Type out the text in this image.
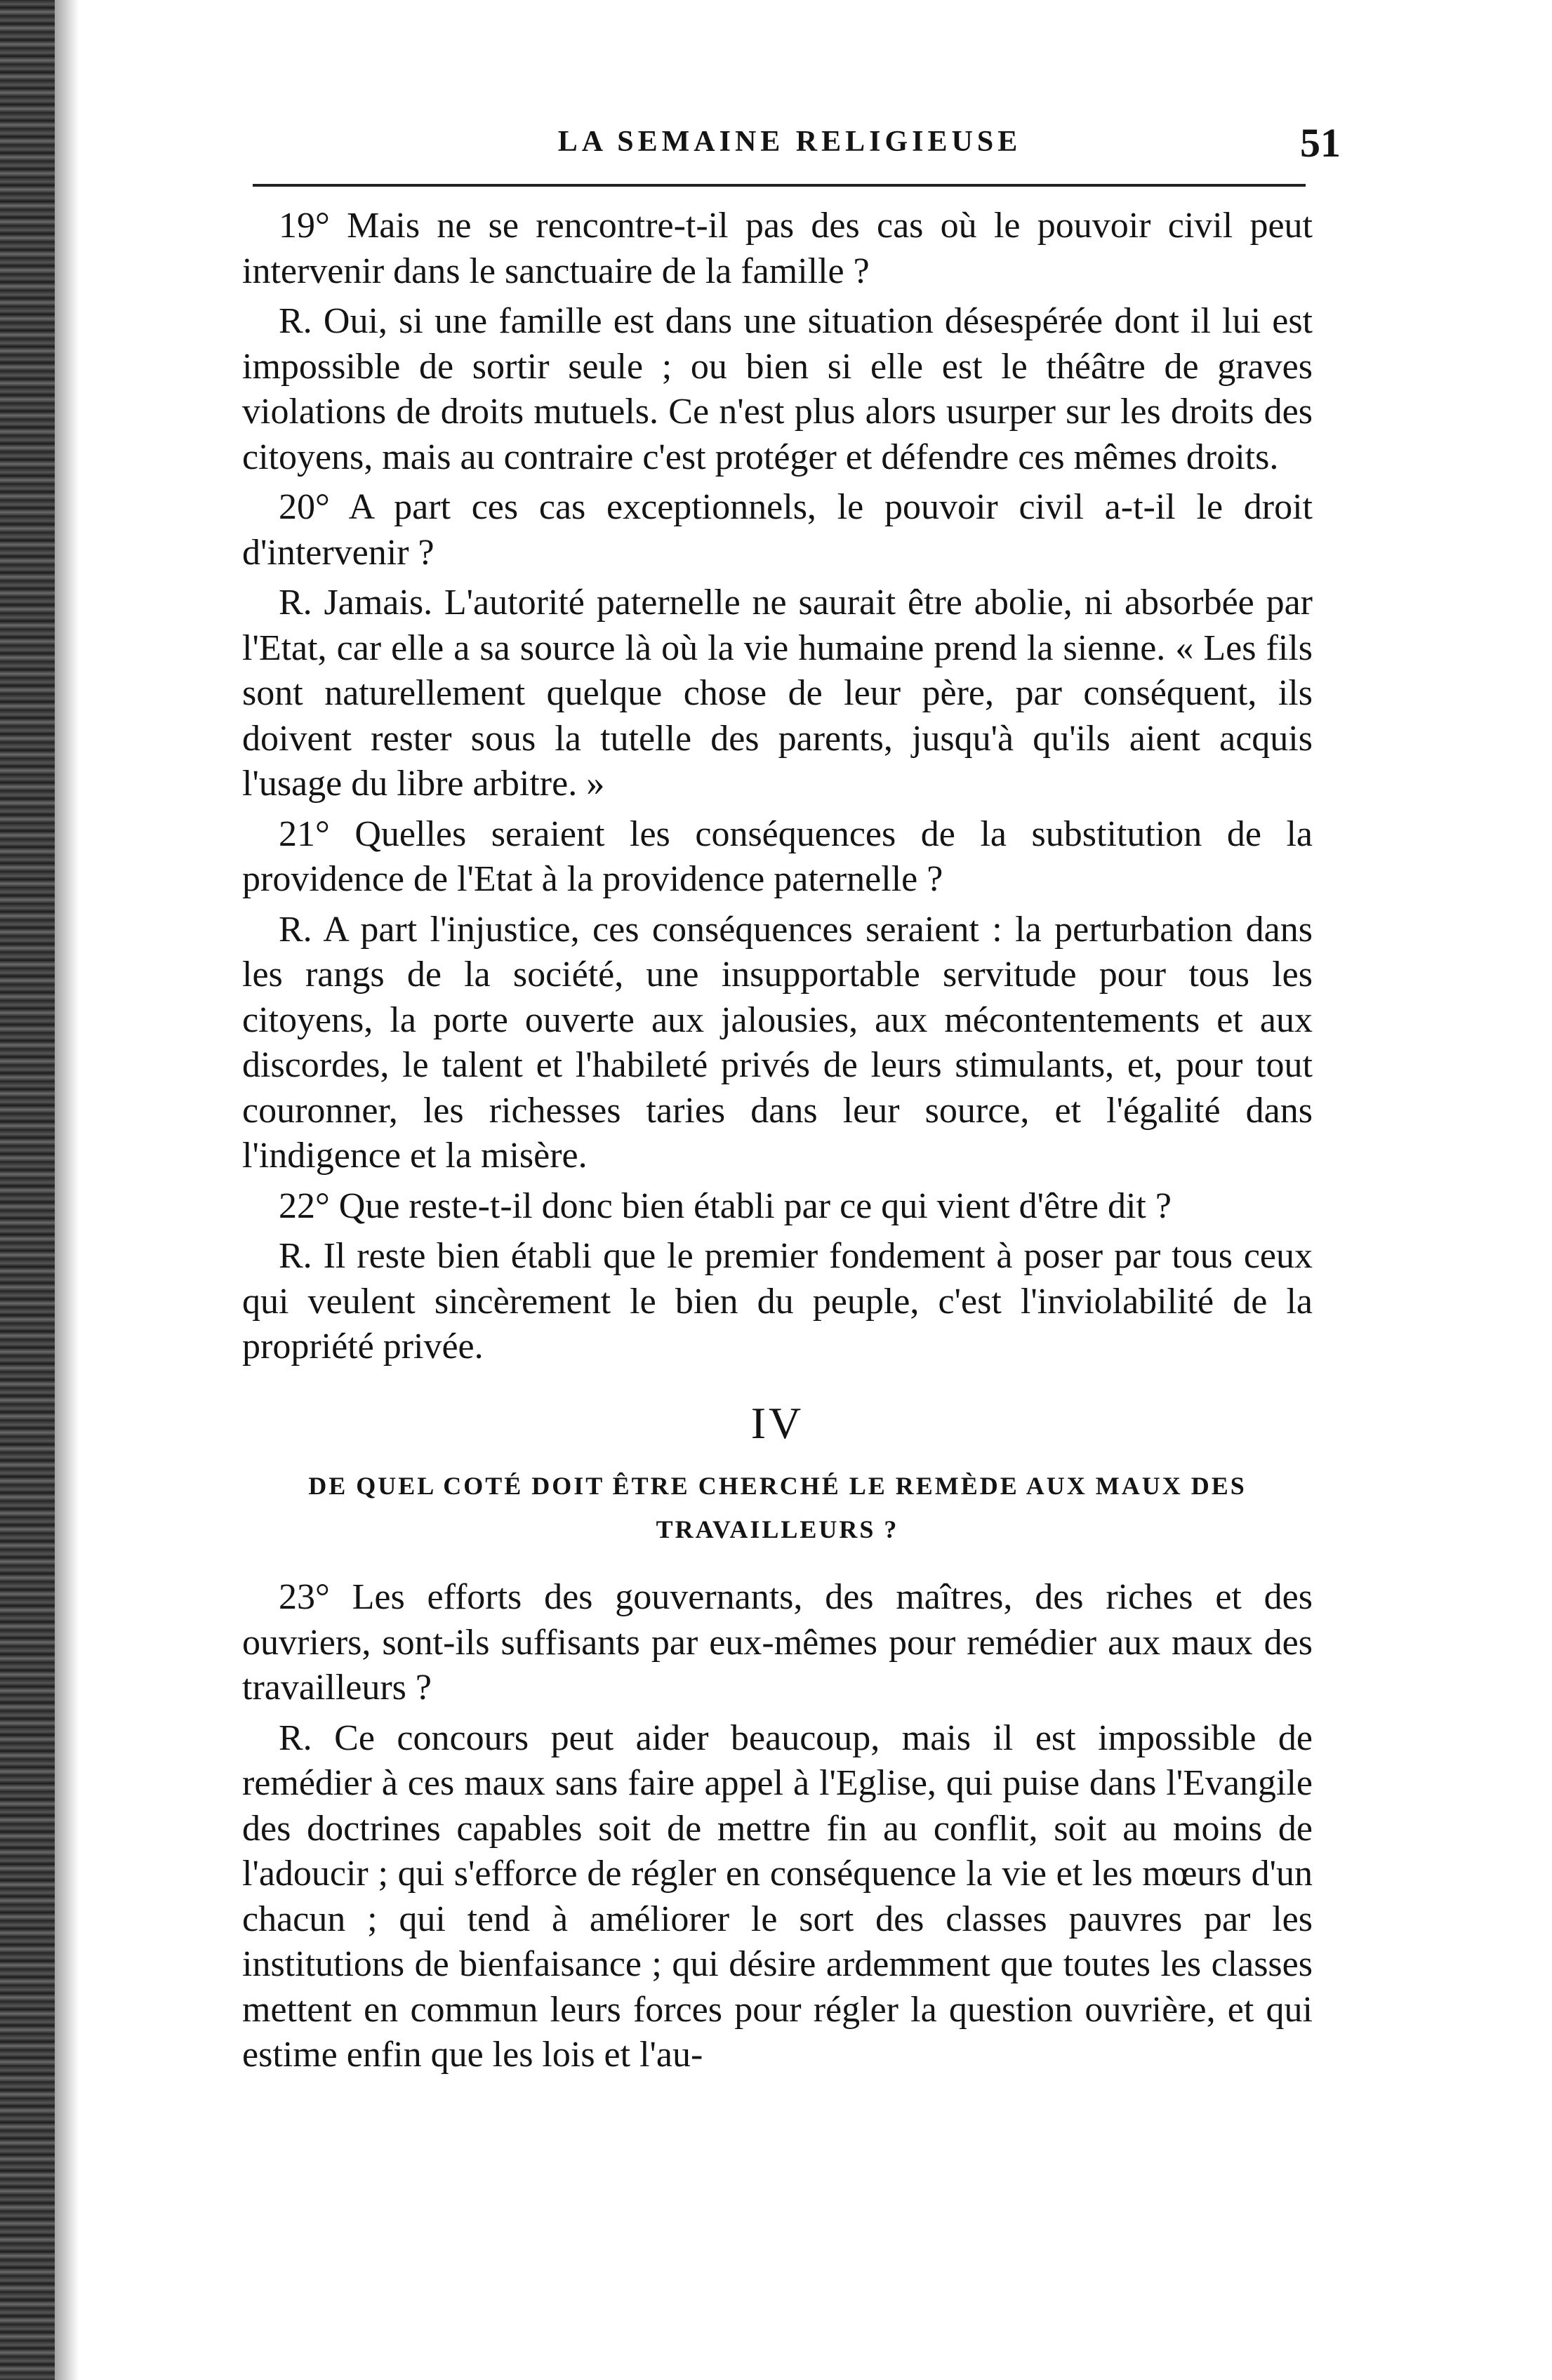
LA SEMAINE RELIGIEUSE	51

19° Mais ne se rencontre-t-il pas des cas où le pouvoir civil peut intervenir dans le sanctuaire de la famille ?

R. Oui, si une famille est dans une situation désespérée dont il lui est impossible de sortir seule ; ou bien si elle est le théâtre de graves violations de droits mutuels. Ce n'est plus alors usurper sur les droits des citoyens, mais au contraire c'est protéger et défendre ces mêmes droits.

20° A part ces cas exceptionnels, le pouvoir civil a-t-il le droit d'intervenir ?

R. Jamais. L'autorité paternelle ne saurait être abolie, ni absorbée par l'Etat, car elle a sa source là où la vie humaine prend la sienne. « Les fils sont naturellement quelque chose de leur père, par conséquent, ils doivent rester sous la tutelle des parents, jusqu'à qu'ils aient acquis l'usage du libre arbitre. »

21° Quelles seraient les conséquences de la substitution de la providence de l'Etat à la providence paternelle ?

R. A part l'injustice, ces conséquences seraient : la perturbation dans les rangs de la société, une insupportable servitude pour tous les citoyens, la porte ouverte aux jalousies, aux mécontentements et aux discordes, le talent et l'habileté privés de leurs stimulants, et, pour tout couronner, les richesses taries dans leur source, et l'égalité dans l'indigence et la misère.

22° Que reste-t-il donc bien établi par ce qui vient d'être dit ?

R. Il reste bien établi que le premier fondement à poser par tous ceux qui veulent sincèrement le bien du peuple, c'est l'inviolabilité de la propriété privée.

IV
DE QUEL COTÉ DOIT ÊTRE CHERCHÉ LE REMÈDE AUX MAUX DES TRAVAILLEURS ?

23° Les efforts des gouvernants, des maîtres, des riches et des ouvriers, sont-ils suffisants par eux-mêmes pour remédier aux maux des travailleurs ?

R. Ce concours peut aider beaucoup, mais il est impossible de remédier à ces maux sans faire appel à l'Eglise, qui puise dans l'Evangile des doctrines capables soit de mettre fin au conflit, soit au moins de l'adoucir ; qui s'efforce de régler en conséquence la vie et les mœurs d'un chacun ; qui tend à améliorer le sort des classes pauvres par les institutions de bienfaisance ; qui désire ardemment que toutes les classes mettent en commun leurs forces pour régler la question ouvrière, et qui estime enfin que les lois et l'au-
